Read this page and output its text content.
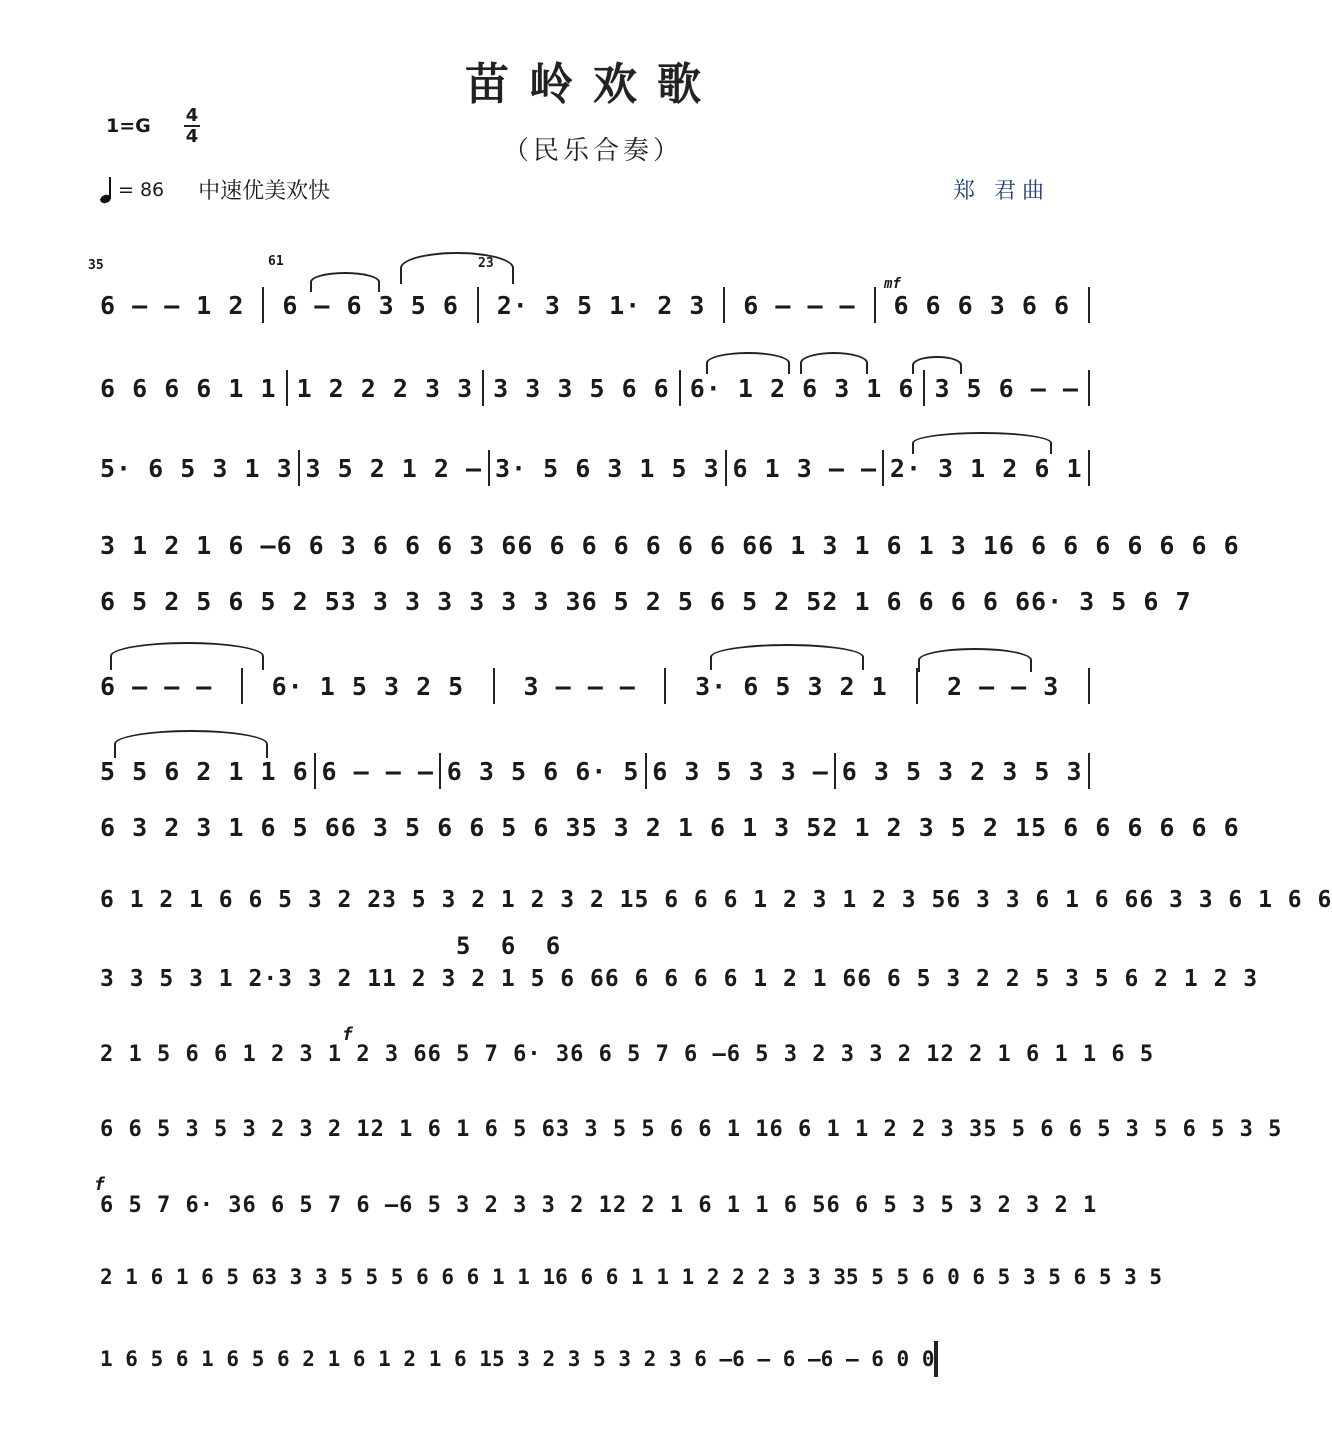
苗岭欢歌
（民乐合奏）
1=G 4
4
= 86 中速优美欢快	郑 君曲
35	61	23
mf
f
f
5 6 6
6 — — 1 2 6 — 6 3 5 6 2· 3 5 1· 2 3 6 — — — 6 6 6 3 6 6
6 6 6 6 1 1 1 2 2 2 3 3 3 3 3 5 6 6 6· 1 2 6 3 1 6 3 5 6 — —
5· 6 5 3 1 3 3 5 2 1 2 — 3· 5 6 3 1 5 3 6 1 3 — — 2· 3 1 2 6 1
3 1 2 1 6 — 6 6 3 6 6 6 3 6 6 6 6 6 6 6 6 6 6 1 3 1 6 1 3 1 6 6 6 6 6 6 6 6
6 5 2 5 6 5 2 5 3 3 3 3 3 3 3 3 6 5 2 5 6 5 2 5 2 1 6 6 6 6 6 6· 3 5 6 7
6 — — — 6· 1 5 3 2 5 3 — — — 3· 6 5 3 2 1 2 — — 3
5 5 6 2 1 1 6 6 — — — 6 3 5 6 6· 5 6 3 5 3 3 — 6 3 5 3 2 3 5 3
6 3 2 3 1 6 5 6 6 3 5 6 6 5 6 3 5 3 2 1 6 1 3 5 2 1 2 3 5 2 1 5 6 6 6 6 6 6
6 1 2 1 6 6 5 3 2 2 3 5 3 2 1 2 3 2 1 5 6 6 6 1 2 3 1 2 3 5 6 3 3 6 1 6 6 6 3 3 6 1 6 6
3 3 5 3 1 2·3 3 2 1 1 2 3 2 1 5 6 6 6 6 6 6 6 1 2 1 6 6 6 5 3 2 2 5 3 5 6 2 1 2 3
2 1 5 6 6 1 2 3 1 2 3 6 6 5 7 6· 3 6 6 5 7 6 — 6 5 3 2 3 3 2 1 2 2 1 6 1 1 6 5
6 6 5 3 5 3 2 3 2 1 2 1 6 1 6 5 6 3 3 5 5 6 6 1 1 6 6 1 1 2 2 3 3 5 5 6 6 5 3 5 6 5 3 5
6 5 7 6· 3 6 6 5 7 6 — 6 5 3 2 3 3 2 1 2 2 1 6 1 1 6 5 6 6 5 3 5 3 2 3 2 1
2 1 6 1 6 5 6 3 3 3 5 5 5 6 6 6 1 1 1 6 6 6 1 1 1 2 2 2 3 3 3 5 5 5 6 0 6 5 3 5 6 5 3 5
1 6 5 6 1 6 5 6 2 1 6 1 2 1 6 1 5 3 2 3 5 3 2 3 6 — 6 — 6 — 6 — 6 0 0
